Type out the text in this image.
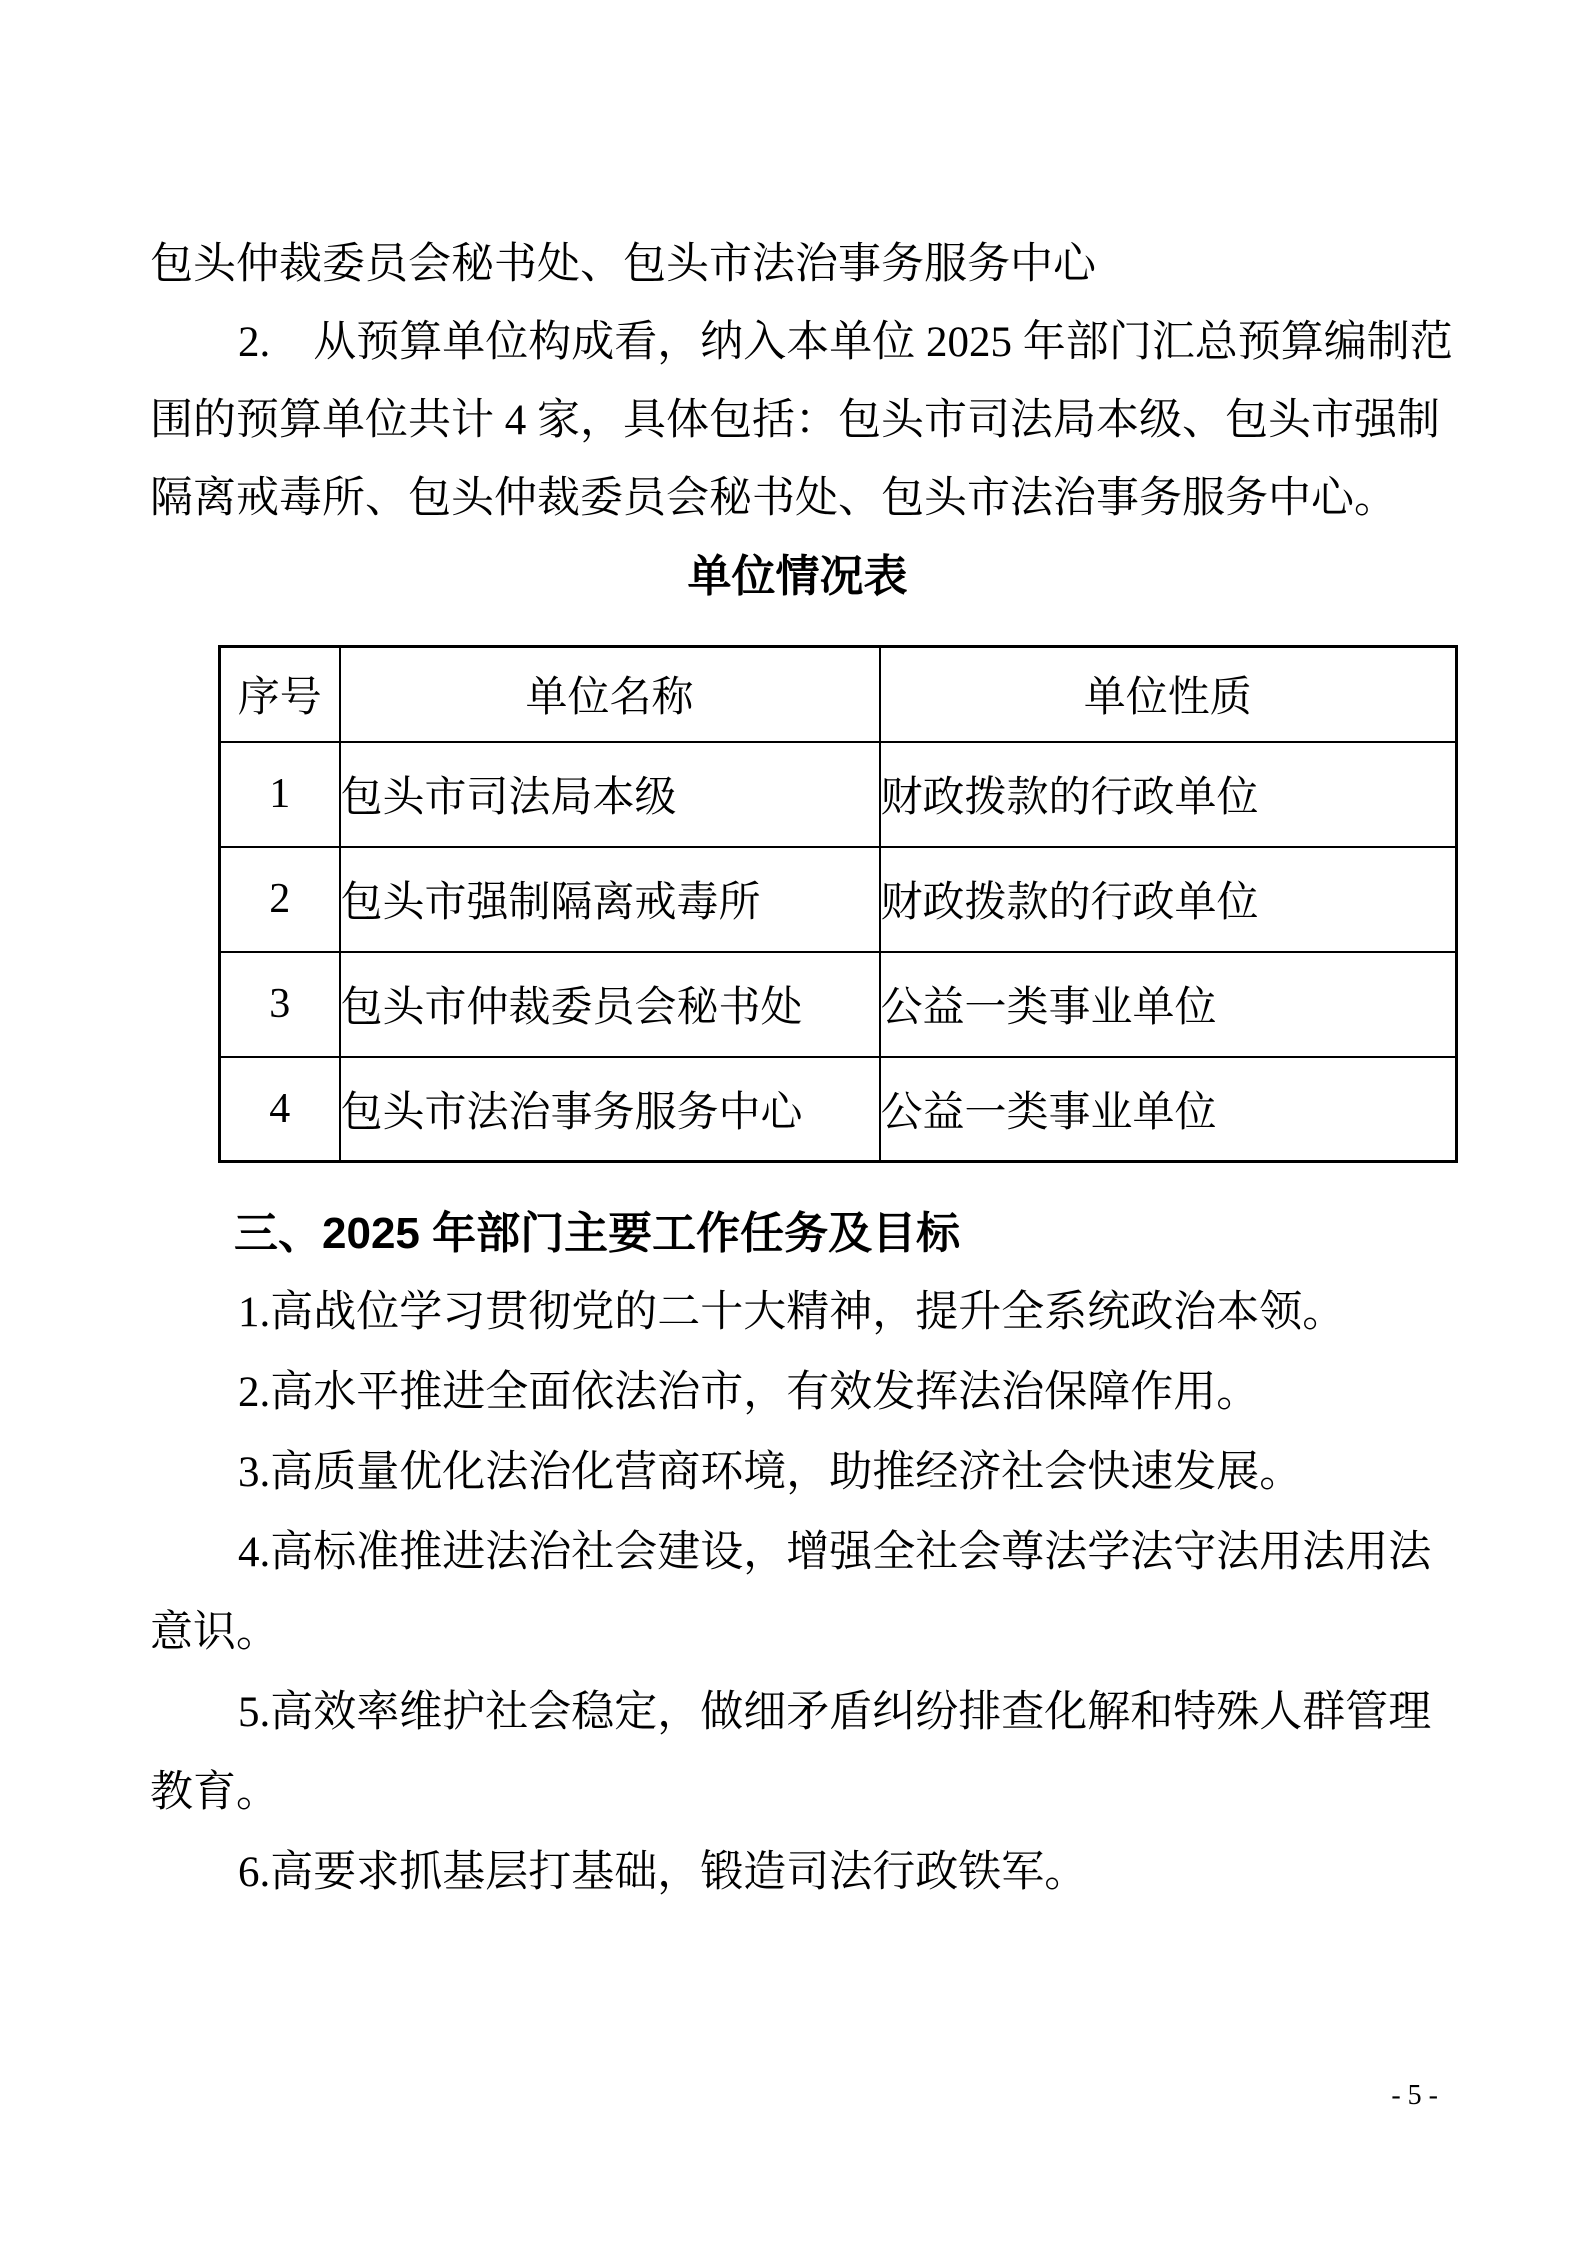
包头仲裁委员会秘书处、包头市法治事务服务中心
2.　从预算单位构成看，纳入本单位 2025 年部门汇总预算编制范
围的预算单位共计 4 家，具体包括：包头市司法局本级、包头市强制
隔离戒毒所、包头仲裁委员会秘书处、包头市法治事务服务中心。
单位情况表
序号	单位名称	单位性质
1	包头市司法局本级	财政拨款的行政单位
2	包头市强制隔离戒毒所	财政拨款的行政单位
3	包头市仲裁委员会秘书处	公益一类事业单位
4	包头市法治事务服务中心	公益一类事业单位
三、2025 年部门主要工作任务及目标
1.高战位学习贯彻党的二十大精神，提升全系统政治本领。
2.高水平推进全面依法治市，有效发挥法治保障作用。
3.高质量优化法治化营商环境，助推经济社会快速发展。
4.高标准推进法治社会建设，增强全社会尊法学法守法用法用法
意识。
5.高效率维护社会稳定，做细矛盾纠纷排查化解和特殊人群管理
教育。
6.高要求抓基层打基础，锻造司法行政铁军。
- 5 -
